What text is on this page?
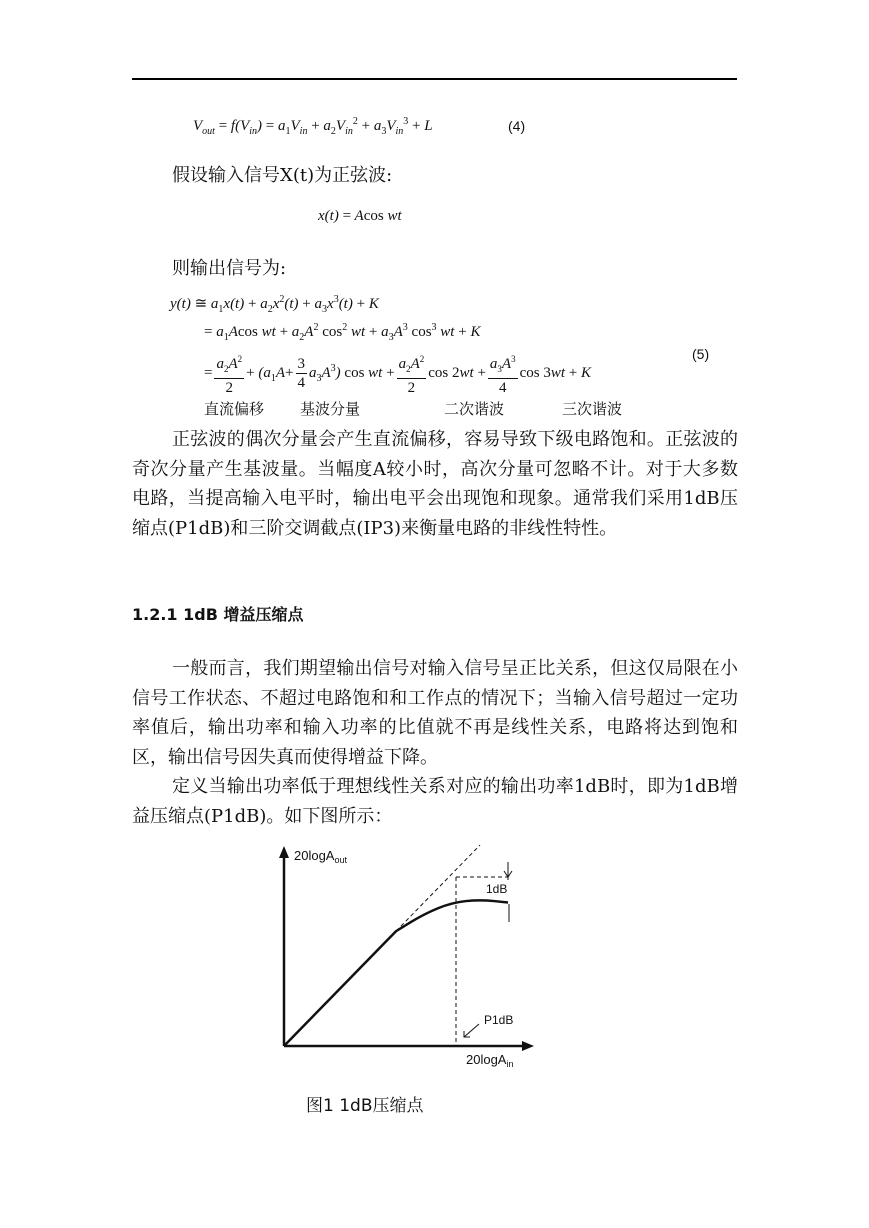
$V_{out} = f(V_{in}) = a_1V_{in} + a_2V_{in}^2 + a_3V_{in}^3 + L$	(4)
假设输入信号X(t)为正弦波:
x(t) = Acos wt
则输出信号为:
y(t) ≅ $a_1x(t) + a_2x^2(t) + a_3x^3(t) + K$
= $a_1Acos$ wt + $a_2A^2$ $\cos^2$ wt + $a_3A^3$ $\cos^3$ wt + K
= $\frac{a_2A^2}{2} + (a_1A+ \frac{3}{4} a_3A^3)$ cos wt + $\frac{a_2A^2}{2}$ $\cos 2wt + \frac{a_3A^3}{4}$ cos 3wt + K
(5)
直流偏移 基波分量	二次谐波	三次谐波
正弦波的偶次分量会产生直流偏移，容易导致下级电路饱和。正弦波的奇次分量产生基波量。当幅度A较小时，高次分量可忽略不计。对于大多数电路，当提高输入电平时，输出电平会出现饱和现象。通常我们采用1dB压缩点(P1dB)和三阶交调截点(IP3)来衡量电路的非线性特性。
1.2.1 1dB 增益压缩点
一般而言，我们期望输出信号对输入信号呈正比关系，但这仅局限在小信号工作状态、不超过电路饱和和工作点的情况下；当输入信号超过一定功率值后，输出功率和输入功率的比值就不再是线性关系，电路将达到饱和区，输出信号因失真而使得增益下降。
定义当输出功率低于理想线性关系对应的输出功率1dB时，即为1dB增益压缩点(P1dB)。如下图所示：
20logA$_{out}$
20logA$_{in}$
1dB
P1dB
图1 1dB压缩点
